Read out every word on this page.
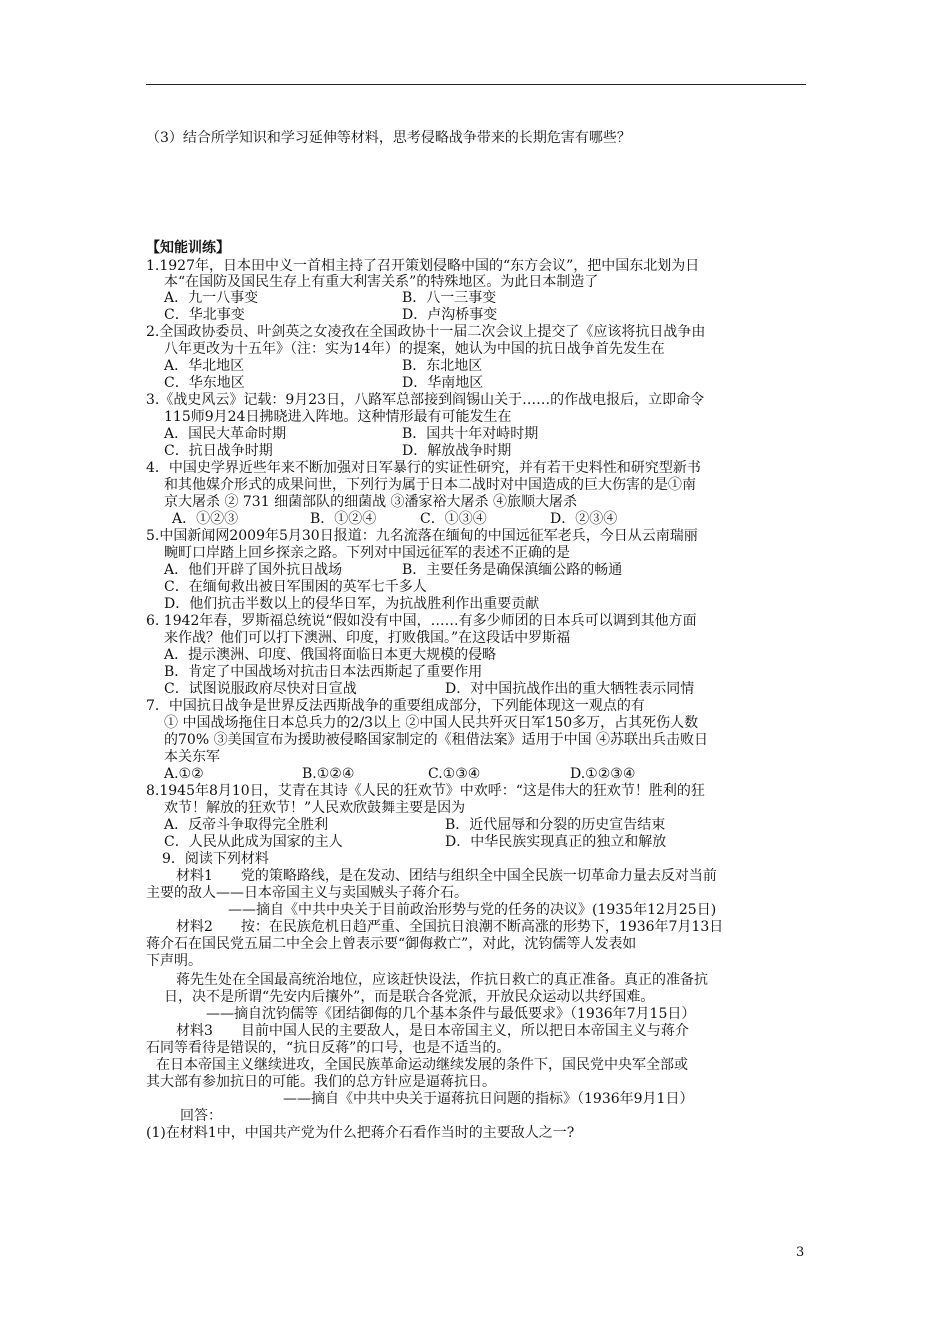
（3）结合所学知识和学习延伸等材料，思考侵略战争带来的长期危害有哪些？
【知能训练】
1.1927年，日本田中义一首相主持了召开策划侵略中国的“东方会议”，把中国东北划为日
本“在国防及国民生存上有重大利害关系”的特殊地区。为此日本制造了
A．九一八事变	B．八一三事变
C．华北事变	D．卢沟桥事变
2.全国政协委员、叶剑英之女凌孜在全国政协十一届二次会议上提交了《应该将抗日战争由
八年更改为十五年》（注：实为14年）的提案，她认为中国的抗日战争首先发生在
A．华北地区	B．东北地区
C．华东地区	D．华南地区
3.《战史风云》记载：9月23日，八路军总部接到阎锡山关于……的作战电报后，立即命令
115师9月24日拂晓进入阵地。这种情形最有可能发生在
A．国民大革命时期	B．国共十年对峙时期
C．抗日战争时期	D．解放战争时期
4．中国史学界近些年来不断加强对日军暴行的实证性研究，并有若干史料性和研究型新书
和其他媒介形式的成果问世，下列行为属于日本二战时对中国造成的巨大伤害的是①南
京大屠杀 ② 731 细菌部队的细菌战 ③潘家裕大屠杀 ④旅顺大屠杀
A．①②③	B．①②④	C．①③④	D．②③④
5.中国新闻网2009年5月30日报道：九名流落在缅甸的中国远征军老兵，今日从云南瑞丽
畹町口岸踏上回乡探亲之路。下列对中国远征军的表述不正确的是
A．他们开辟了国外抗日战场	B．主要任务是确保滇缅公路的畅通
C．在缅甸救出被日军围困的英军七千多人
D．他们抗击半数以上的侵华日军，为抗战胜利作出重要贡献
6. 1942年春，罗斯福总统说“假如没有中国，……有多少师团的日本兵可以调到其他方面
来作战？他们可以打下澳洲、印度，打败俄国。”在这段话中罗斯福
A．提示澳洲、印度、俄国将面临日本更大规模的侵略
B．肯定了中国战场对抗击日本法西斯起了重要作用
C．试图说服政府尽快对日宣战	D．对中国抗战作出的重大牺牲表示同情
7．中国抗日战争是世界反法西斯战争的重要组成部分，下列能体现这一观点的有
① 中国战场拖住日本总兵力的2/3以上 ②中国人民共歼灭日军150多万，占其死伤人数
的70% ③美国宣布为援助被侵略国家制定的《租借法案》适用于中国 ④苏联出兵击败日
本关东军
A.①②	B.①②④	C.①③④	D.①②③④
8.1945年8月10日，艾青在其诗《人民的狂欢节》中欢呼：“这是伟大的狂欢节！胜利的狂
欢节！解放的狂欢节！”人民欢欣鼓舞主要是因为
A．反帝斗争取得完全胜利	B．近代屈辱和分裂的历史宣告结束
C．人民从此成为国家的主人	D．中华民族实现真正的独立和解放
9．阅读下列材料
材料1　　党的策略路线，是在发动、团结与组织全中国全民族一切革命力量去反对当前
主要的敌人——日本帝国主义与卖国贼头子蒋介石。
——摘自《中共中央关于目前政治形势与党的任务的决议》(1935年12月25日)
材料2　　按：在民族危机日趋严重、全国抗日浪潮不断高涨的形势下，1936年7月13日
蒋介石在国民党五届二中全会上曾表示要“御侮救亡”，对此，沈钧儒等人发表如
下声明。
蒋先生处在全国最高统治地位，应该赶快设法，作抗日救亡的真正准备。真正的准备抗
日，决不是所谓“先安内后攘外”，而是联合各党派，开放民众运动以共纾国难。
——摘自沈钧儒等《团结御侮的几个基本条件与最低要求》（1936年7月15日）
材料3　　目前中国人民的主要敌人，是日本帝国主义，所以把日本帝国主义与蒋介
石同等看待是错误的，“抗日反蒋”的口号，也是不适当的。
在日本帝国主义继续进攻，全国民族革命运动继续发展的条件下，国民党中央军全部或
其大部有参加抗日的可能。我们的总方针应是逼蒋抗日。
——摘自《中共中央关于逼蒋抗日问题的指标》（1936年9月1日）
回答：
(1)在材料1中，中国共产党为什么把蒋介石看作当时的主要敌人之一?
3
